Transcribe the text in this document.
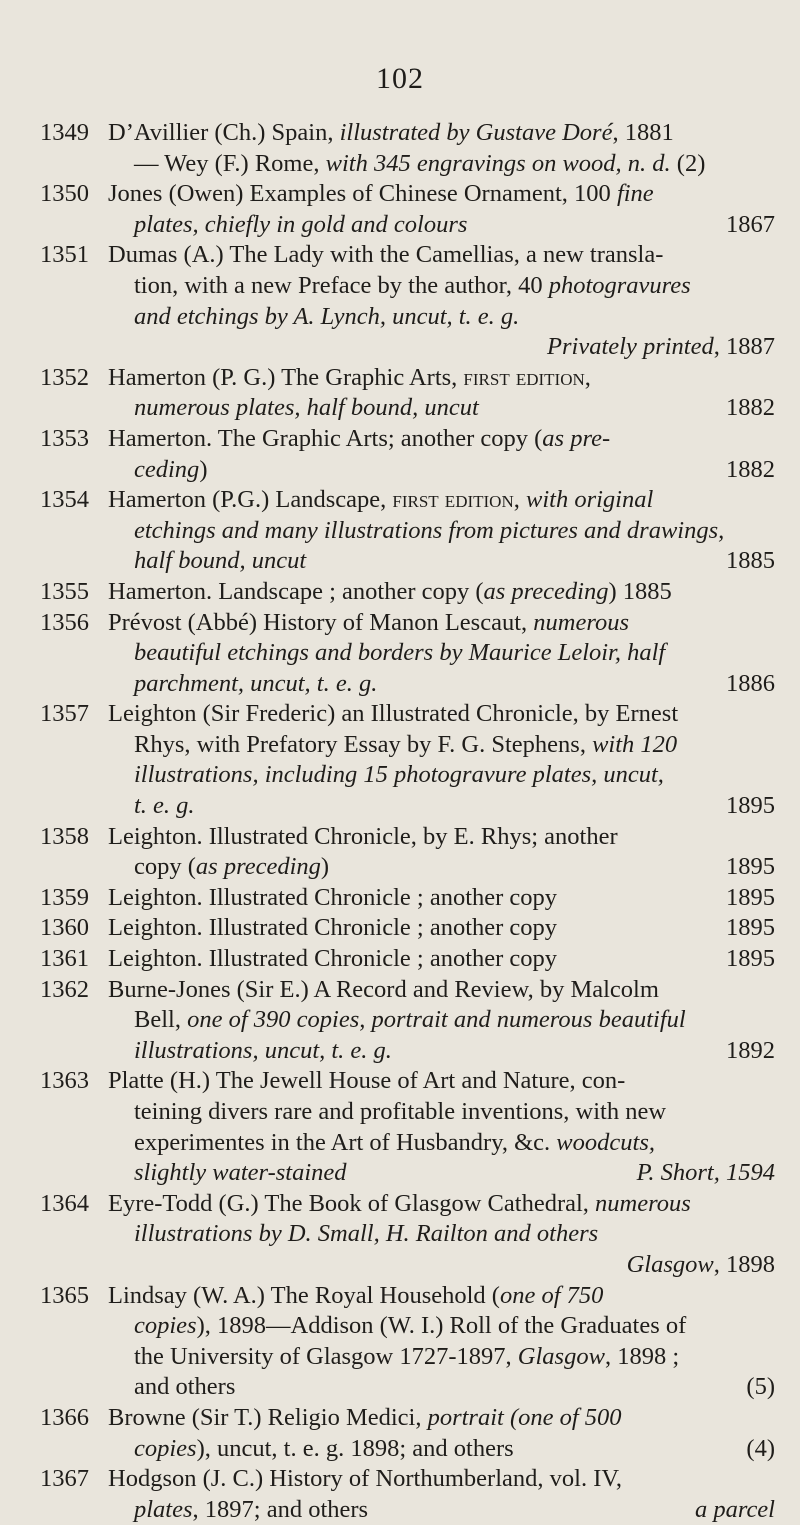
102
1349 D’Avillier (Ch.) Spain, illustrated by Gustave Doré, 1881
— Wey (F.) Rome, with 345 engravings on wood, n. d. (2)
1350 Jones (Owen) Examples of Chinese Ornament, 100 fine
plates, chiefly in gold and colours	1867
1351 Dumas (A.) The Lady with the Camellias, a new transla-
tion, with a new Preface by the author, 40 photogravures
and etchings by A. Lynch, uncut, t. e. g.
Privately printed, 1887
1352 Hamerton (P. G.) The Graphic Arts, first edition,
numerous plates, half bound, uncut	1882
1353 Hamerton. The Graphic Arts; another copy (as pre-
ceding)	1882
1354 Hamerton (P.G.) Landscape, first edition, with original
etchings and many illustrations from pictures and drawings,
half bound, uncut	1885
1355 Hamerton. Landscape ; another copy (as preceding) 1885
1356 Prévost (Abbé) History of Manon Lescaut, numerous
beautiful etchings and borders by Maurice Leloir, half
parchment, uncut, t. e. g.	1886
1357 Leighton (Sir Frederic) an Illustrated Chronicle, by Ernest
Rhys, with Prefatory Essay by F. G. Stephens, with 120
illustrations, including 15 photogravure plates, uncut,
t. e. g.	1895
1358 Leighton. Illustrated Chronicle, by E. Rhys; another
copy (as preceding)	1895
1359 Leighton. Illustrated Chronicle ; another copy	1895
1360 Leighton. Illustrated Chronicle ; another copy	1895
1361 Leighton. Illustrated Chronicle ; another copy	1895
1362 Burne-Jones (Sir E.) A Record and Review, by Malcolm
Bell, one of 390 copies, portrait and numerous beautiful
illustrations, uncut, t. e. g.	1892
1363 Platte (H.) The Jewell House of Art and Nature, con-
teining divers rare and profitable inventions, with new
experimentes in the Art of Husbandry, &c. woodcuts,
slightly water-stained	P. Short, 1594
1364 Eyre-Todd (G.) The Book of Glasgow Cathedral, numerous
illustrations by D. Small, H. Railton and others
Glasgow, 1898
1365 Lindsay (W. A.) The Royal Household (one of 750
copies), 1898—Addison (W. I.) Roll of the Graduates of
the University of Glasgow 1727-1897, Glasgow, 1898 ;
and others	(5)
1366 Browne (Sir T.) Religio Medici, portrait (one of 500
copies), uncut, t. e. g. 1898; and others	(4)
1367 Hodgson (J. C.) History of Northumberland, vol. IV,
plates, 1897; and others	a parcel
